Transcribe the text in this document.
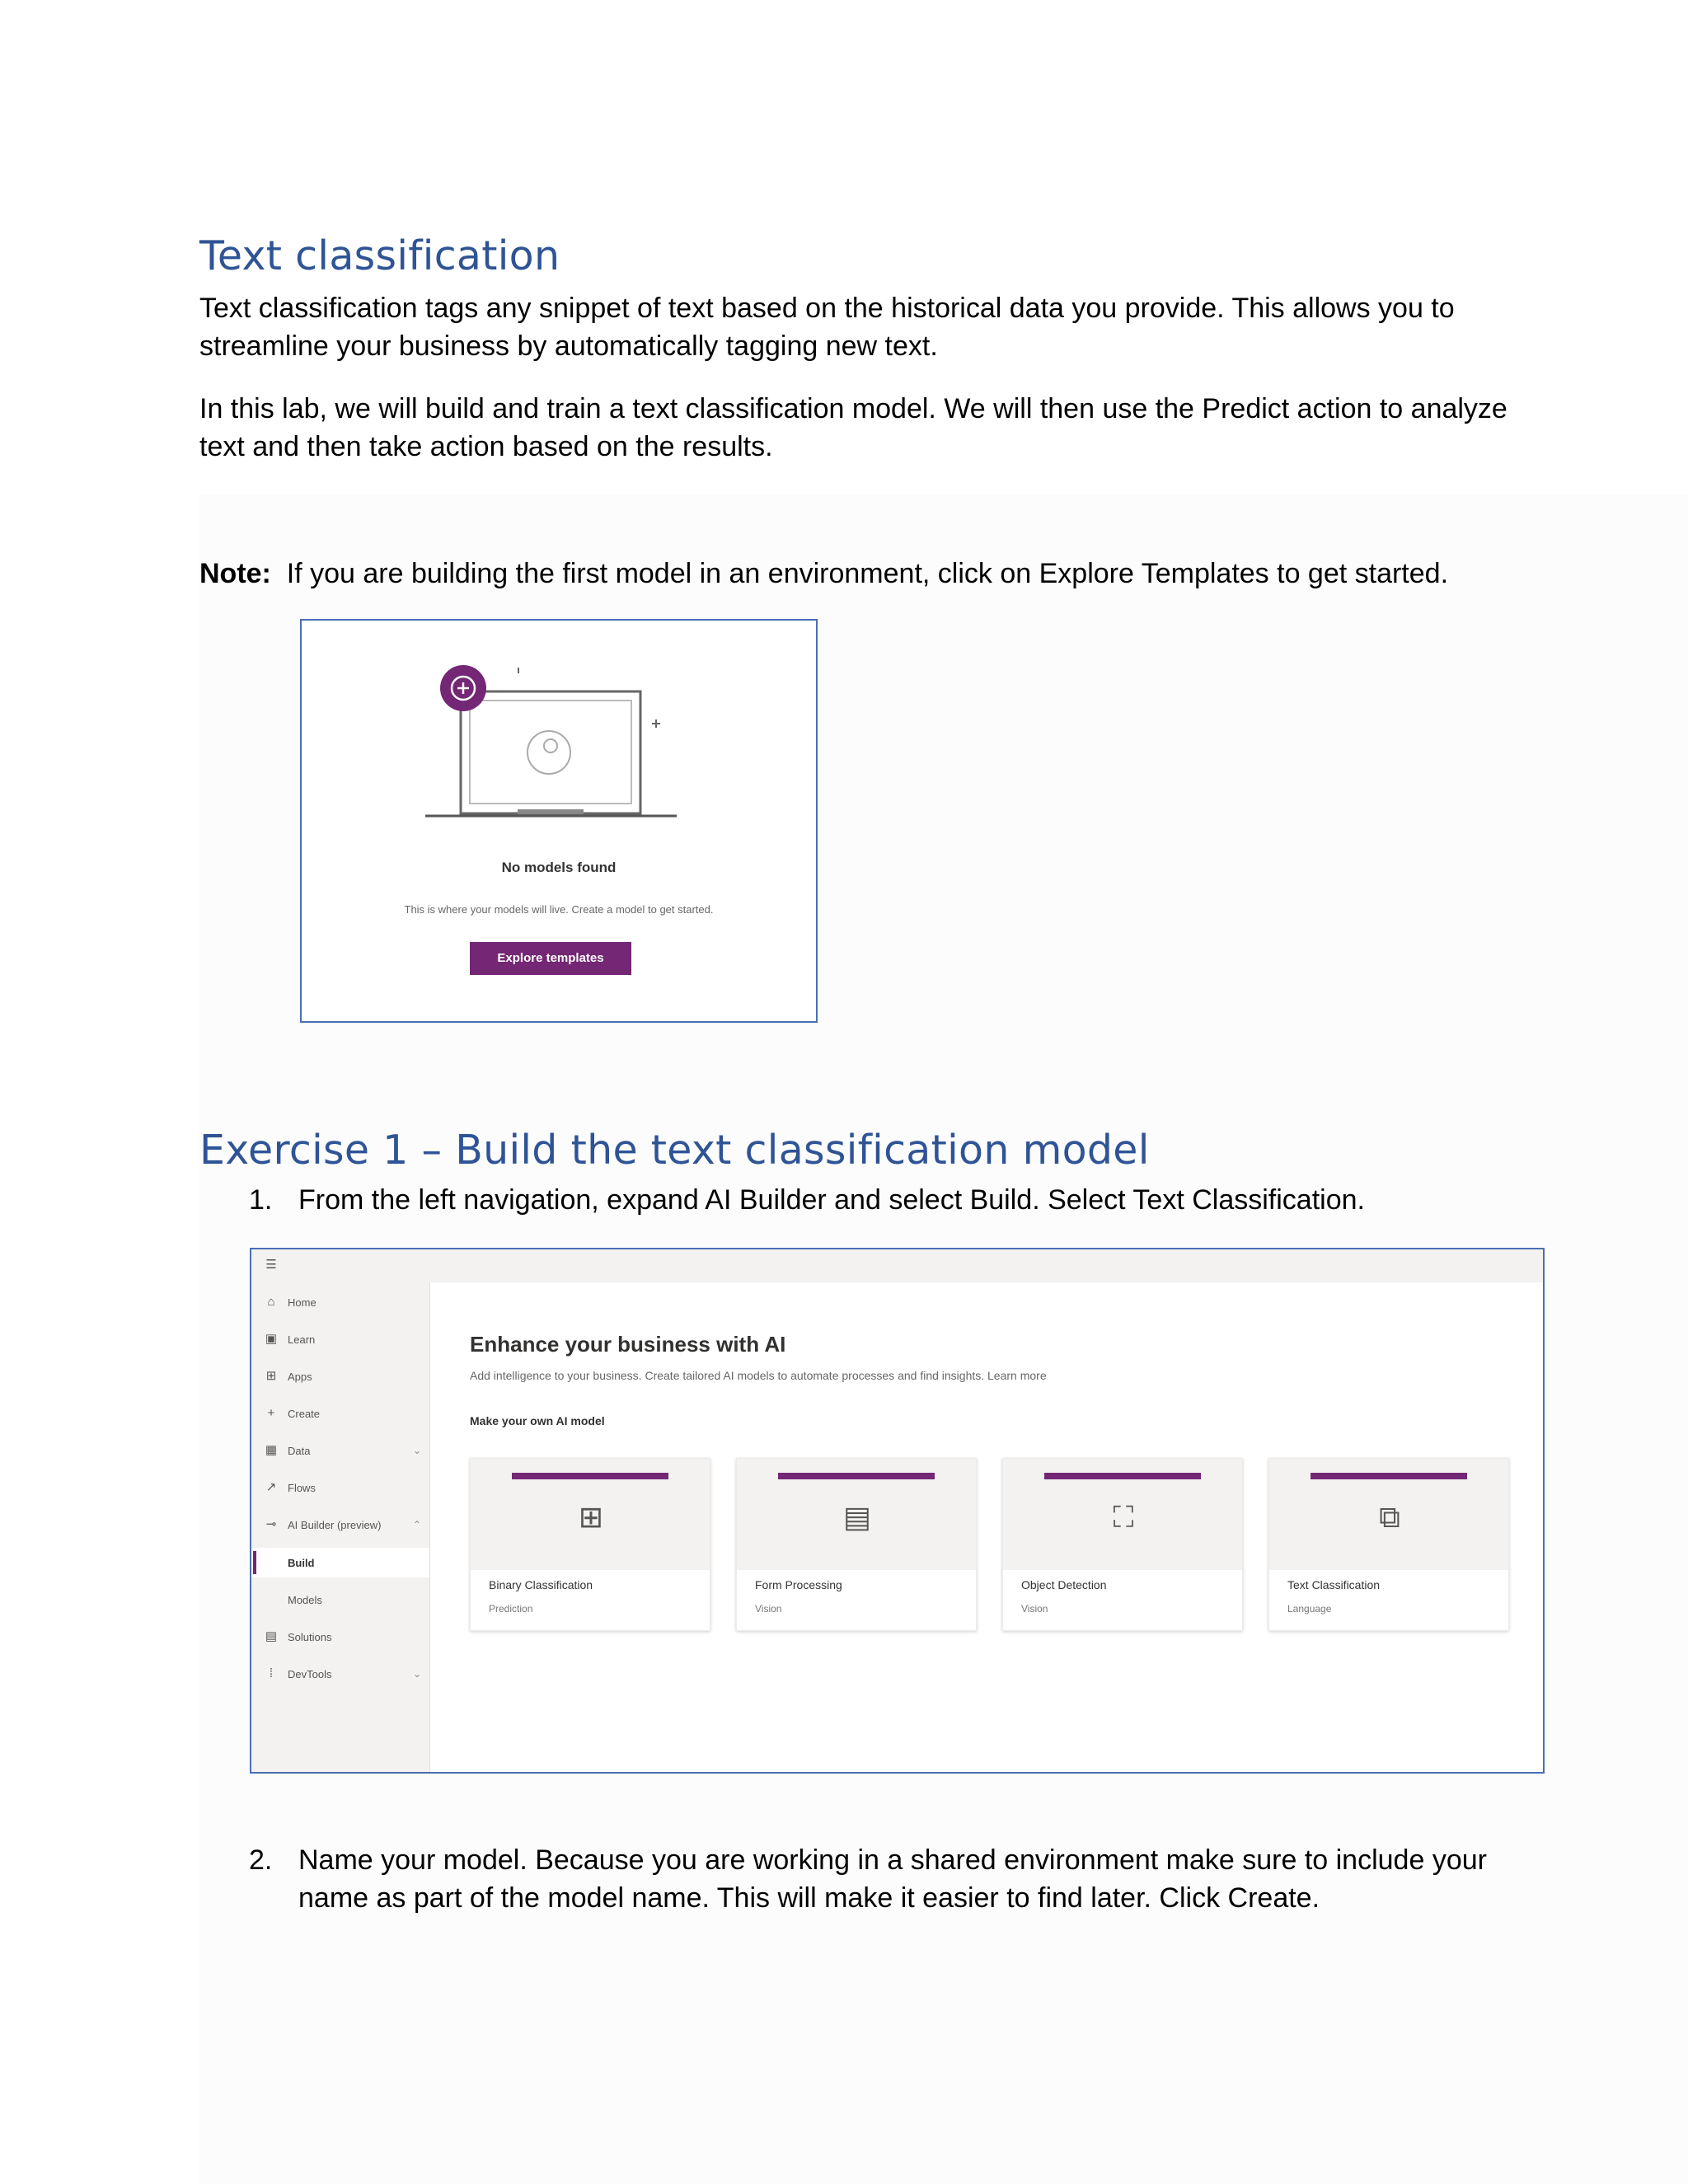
Text classification

Text classification tags any snippet of text based on the historical data you provide. This allows you to streamline your business by automatically tagging new text.

In this lab, we will build and train a text classification model. We will then use the Predict action to analyze text and then take action based on the results.

Note: If you are building the first model in an environment, click on Explore Templates to get started.

No models found
This is where your models will live. Create a model to get started.
Explore templates
Exercise 1 – Build the text classification model
1. From the left navigation, expand AI Builder and select Build. Select Text Classification.
☰
⌂ Home
▣ Learn
⊞ Apps
+ Create
▦ Data	⌄
↗ Flows
⊸ AI Builder (preview)	⌃
Build
Models
▤ Solutions
⁞	DevTools	⌄
Enhance your business with AI
Add intelligence to your business. Create tailored AI models to automate processes and find insights. Learn more
Make your own AI model
⊞
Binary Classification
Prediction
▤
Form Processing
Vision
⛶
Object Detection
Vision
⧉
Text Classification
Language
2. Name your model. Because you are working in a shared environment make sure to include your name as part of the model name. This will make it easier to find later. Click Create.
